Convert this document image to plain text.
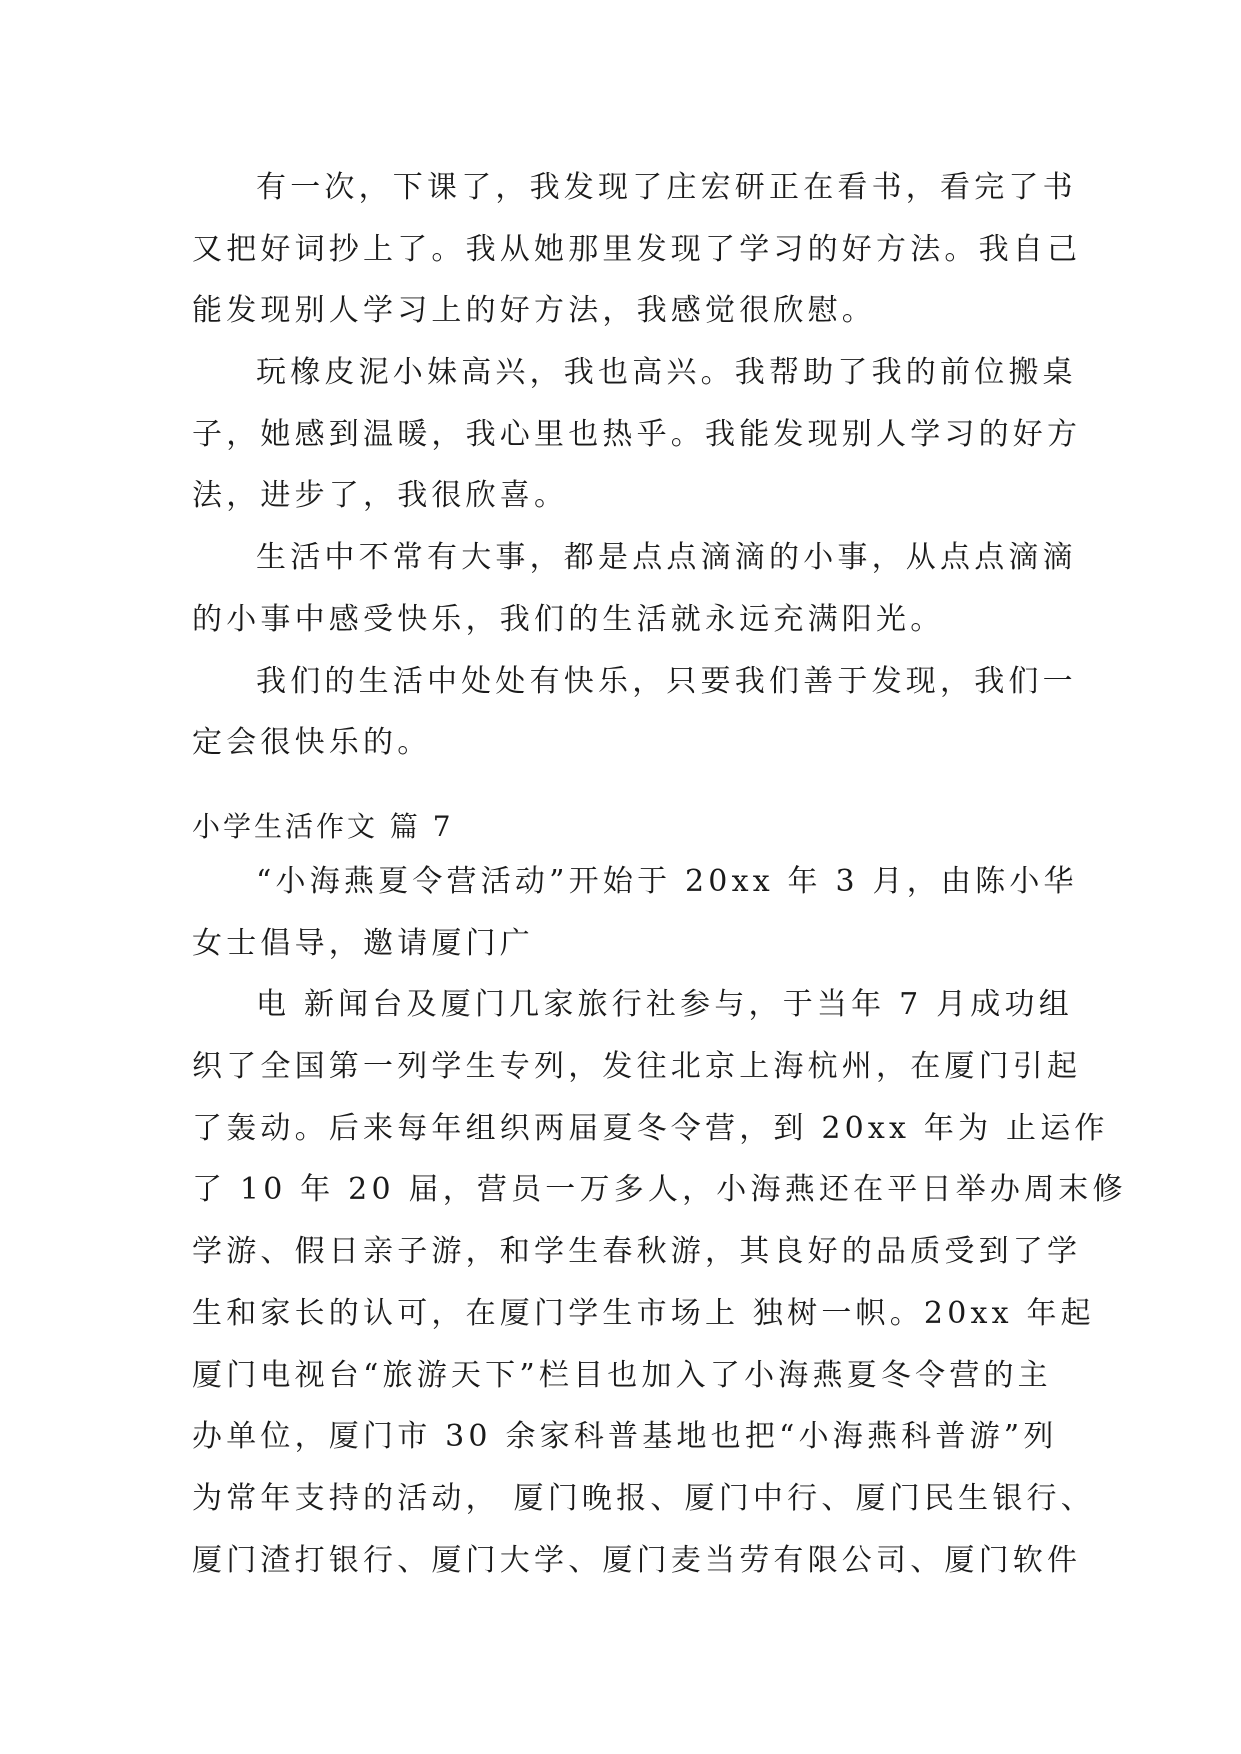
有一次，下课了，我发现了庄宏研正在看书，看完了书
又把好词抄上了。我从她那里发现了学习的好方法。我自己
能发现别人学习上的好方法，我感觉很欣慰。
玩橡皮泥小妹高兴，我也高兴。我帮助了我的前位搬桌
子，她感到温暖，我心里也热乎。我能发现别人学习的好方
法，进步了，我很欣喜。
生活中不常有大事，都是点点滴滴的小事，从点点滴滴
的小事中感受快乐，我们的生活就永远充满阳光。
我们的生活中处处有快乐，只要我们善于发现，我们一
定会很快乐的。
小学生活作文 篇 7
“小海燕夏令营活动”开始于 20xx 年 3 月，由陈小华
女士倡导，邀请厦门广
电 新闻台及厦门几家旅行社参与，于当年 7 月成功组
织了全国第一列学生专列，发往北京上海杭州，在厦门引起
了轰动。后来每年组织两届夏冬令营，到 20xx 年为 止运作
了 10 年 20 届，营员一万多人，小海燕还在平日举办周末修
学游、假日亲子游，和学生春秋游，其良好的品质受到了学
生和家长的认可，在厦门学生市场上 独树一帜。20xx 年起
厦门电视台“旅游天下”栏目也加入了小海燕夏冬令营的主
办单位，厦门市 30 余家科普基地也把“小海燕科普游”列
为常年支持的活动， 厦门晚报、厦门中行、厦门民生银行、
厦门渣打银行、厦门大学、厦门麦当劳有限公司、厦门软件
